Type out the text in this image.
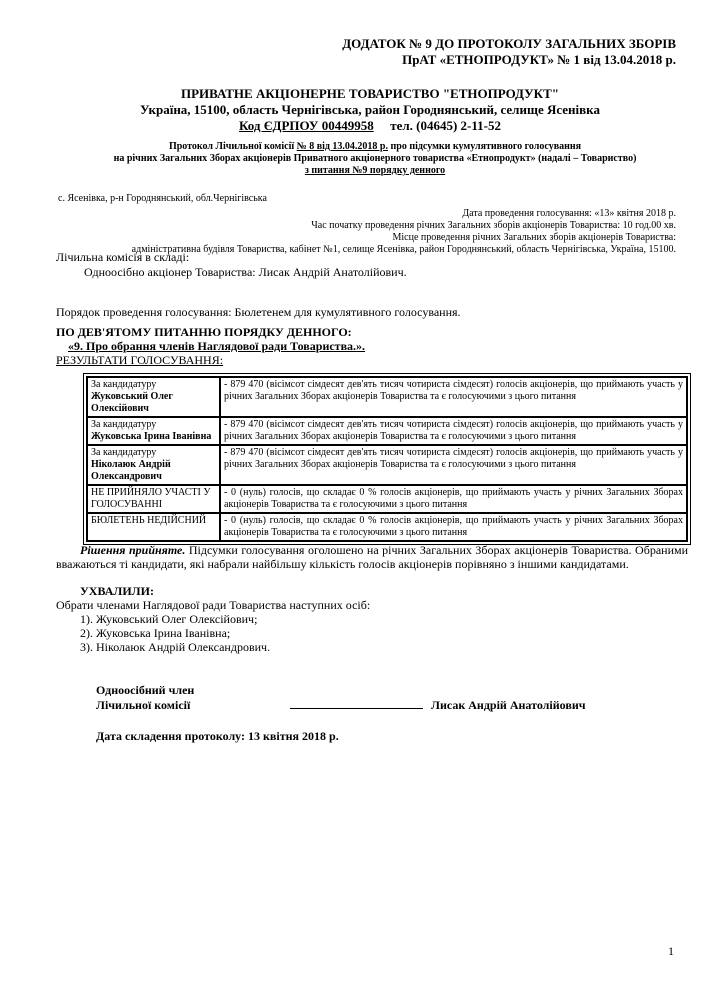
ДОДАТОК № 9 ДО ПРОТОКОЛУ ЗАГАЛЬНИХ ЗБОРІВ
ПрАТ «ЕТНОПРОДУКТ» № 1 від 13.04.2018 р.
ПРИВАТНЕ АКЦІОНЕРНЕ ТОВАРИСТВО "ЕТНОПРОДУКТ"
Україна, 15100, область Чернігівська, район Городнянський, селище Ясенівка
Код ЄДРПОУ 00449958 тел. (04645) 2-11-52
Протокол Лічильної комісії № 8 від 13.04.2018 р. про підсумки кумулятивного голосування
на річних Загальних Зборах акціонерів Приватного акціонерного товариства «Етнопродукт» (надалі – Товариство)
з питання №9 порядку денного
с. Ясенівка, р-н Городнянський, обл.Чернігівська
Дата проведення голосування: «13» квітня 2018 р.
Час початку проведення річних Загальних зборів акціонерів Товариства: 10 год.00 хв.
Місце проведення річних Загальних зборів акціонерів Товариства:
адміністративна будівля Товариства, кабінет №1, селище Ясенівка, район Городнянський, область Чернігівська, Україна, 15100.
Лічильна комісія в складі:
Одноосібно акціонер Товариства: Лисак Андрій Анатолійович.
Порядок проведення голосування: Бюлетенем для кумулятивного голосування.
ПО ДЕВ'ЯТОМУ ПИТАННЮ ПОРЯДКУ ДЕННОГО:
«9. Про обрання членів Наглядової ради Товариства.».
РЕЗУЛЬТАТИ ГОЛОСУВАННЯ:
За кандидатуру
Жуковський Олег Олексійович	- 879 470 (вісімсот сімдесят дев'ять тисяч чотириста сімдесят) голосів акціонерів, що приймають участь у річних Загальних Зборах акціонерів Товариства та є голосуючими з цього питання

За кандидатуру
Жуковська Ірина Іванівна	- 879 470 (вісімсот сімдесят дев'ять тисяч чотириста сімдесят) голосів акціонерів, що приймають участь у річних Загальних Зборах акціонерів Товариства та є голосуючими з цього питання

За кандидатуру
Ніколаюк Андрій Олександрович	- 879 470 (вісімсот сімдесят дев'ять тисяч чотириста сімдесят) голосів акціонерів, що приймають участь у річних Загальних Зборах акціонерів Товариства та є голосуючими з цього питання

НЕ ПРИЙНЯЛО УЧАСТІ У ГОЛОСУВАННІ	- 0 (нуль) голосів, що складає 0 % голосів акціонерів, що приймають участь у річних Загальних Зборах акціонерів Товариства та є голосуючими з цього питання

БЮЛЕТЕНЬ НЕДІЙСНИЙ	- 0 (нуль) голосів, що складає 0 % голосів акціонерів, що приймають участь у річних Загальних Зборах акціонерів Товариства та є голосуючими з цього питання
Рішення прийняте. Підсумки голосування оголошено на річних Загальних Зборах акціонерів Товариства. Обраними вважаються ті кандидати, які набрали найбільшу кількість голосів акціонерів порівняно з іншими кандидатами.
УХВАЛИЛИ:
Обрати членами Наглядової ради Товариства наступних осіб:
1). Жуковський Олег Олексійович;
2). Жуковська Ірина Іванівна;
3). Ніколаюк Андрій Олександрович.
Одноосібний член
Лічильної комісії	Лисак Андрій Анатолійович
Дата складення протоколу: 13 квітня 2018 р.
1
